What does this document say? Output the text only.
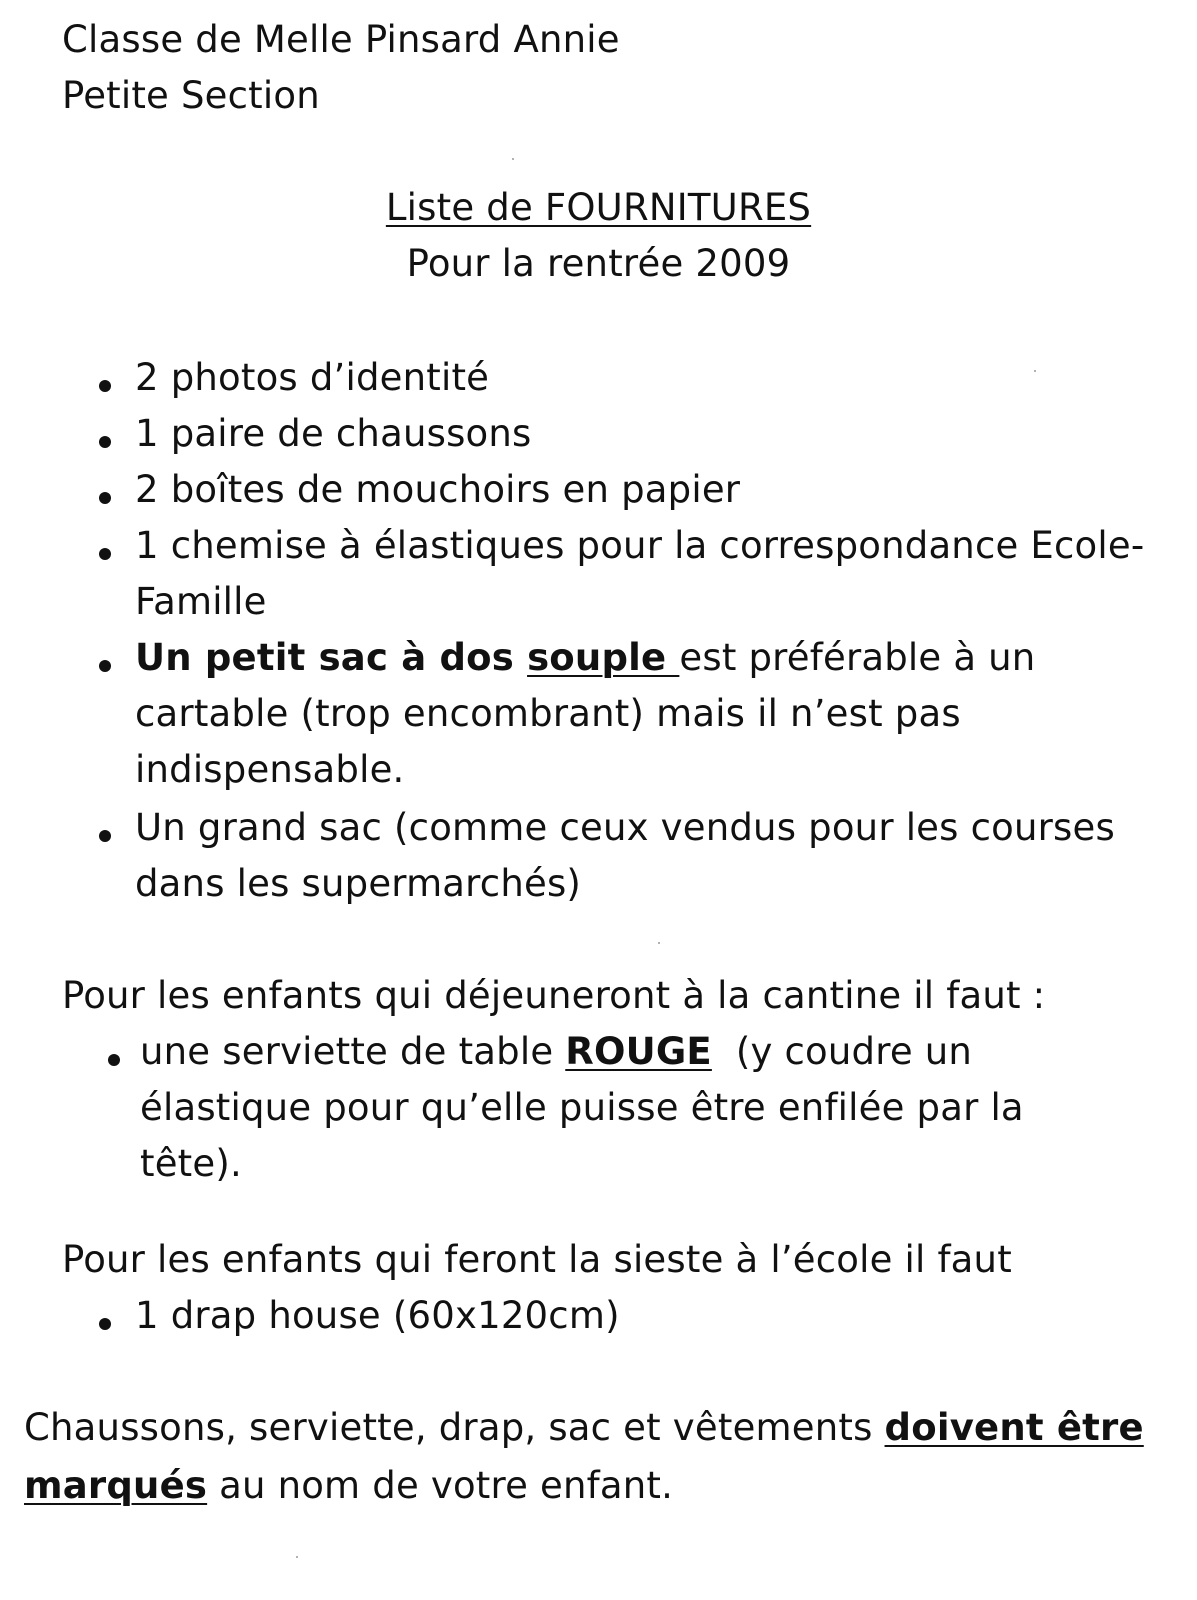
Classe de Melle Pinsard Annie
Petite Section
Liste de FOURNITURES
Pour la rentrée 2009
2 photos d’identité
1 paire de chaussons
2 boîtes de mouchoirs en papier
1 chemise à élastiques pour la correspondance Ecole-
Famille
Un petit sac à dos souple est préférable à un
cartable (trop encombrant) mais il n’est pas
indispensable.
Un grand sac (comme ceux vendus pour les courses
dans les supermarchés)
Pour les enfants qui déjeuneront à la cantine il faut :
une serviette de table ROUGE  (y coudre un
élastique pour qu’elle puisse être enfilée par la
tête).
Pour les enfants qui feront la sieste à l’école il faut
1 drap house (60x120cm)
Chaussons, serviette, drap, sac et vêtements doivent être
marqués au nom de votre enfant.
